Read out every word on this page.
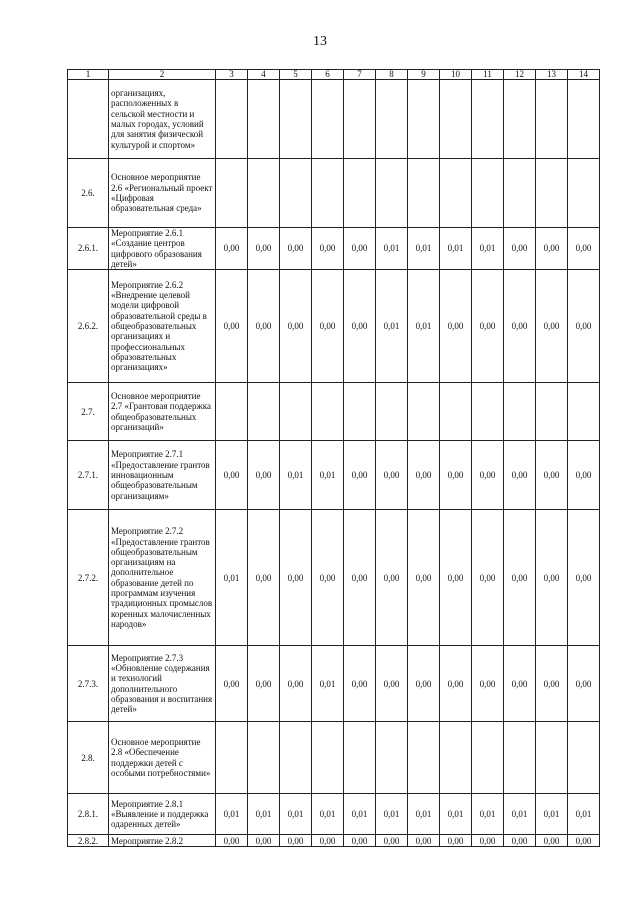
13
1	2	3	4	5	6	7	8	9	10	11	12	13	14
	организациях, расположенных в сельской местности и малых городах, условий для занятия физической культурой и спортом»												
2.6.	Основное мероприятие 2.6 «Региональный проект «Цифровая образовательная среда»												
2.6.1.	Мероприятие 2.6.1 «Создание центров цифрового образования детей»	0,00	0,00	0,00	0,00	0,00	0,01	0,01	0,01	0,01	0,00	0,00	0,00
2.6.2.	Мероприятие 2.6.2 «Внедрение целевой модели цифровой образовательной среды в общеобразовательных организациях и профессиональных образовательных организациях»	0,00	0,00	0,00	0,00	0,00	0,01	0,01	0,00	0,00	0,00	0,00	0,00
2.7.	Основное мероприятие 2.7 «Грантовая поддержка общеобразовательных организаций»												
2.7.1.	Мероприятие 2.7.1 «Предоставление грантов инновационным общеобразовательным организациям»	0,00	0,00	0,01	0,01	0,00	0,00	0,00	0,00	0,00	0,00	0,00	0,00
2.7.2.	Мероприятие 2.7.2 «Предоставление грантов общеобразовательным организациям на дополнительное образование детей по программам изучения традиционных промыслов коренных малочисленных народов»	0,01	0,00	0,00	0,00	0,00	0,00	0,00	0,00	0,00	0,00	0,00	0,00
2.7.3.	Мероприятие 2.7.3 «Обновление содержания и технологий дополнительного образования и воспитания детей»	0,00	0,00	0,00	0,01	0,00	0,00	0,00	0,00	0,00	0,00	0,00	0,00
2.8.	Основное мероприятие 2.8 «Обеспечение поддержки детей с особыми потребностями»												
2.8.1.	Мероприятие 2.8.1 «Выявление и поддержка одаренных детей»	0,01	0,01	0,01	0,01	0,01	0,01	0,01	0,01	0,01	0,01	0,01	0,01
2.8.2.	Мероприятие 2.8.2	0,00	0,00	0,00	0,00	0,00	0,00	0,00	0,00	0,00	0,00	0,00	0,00
